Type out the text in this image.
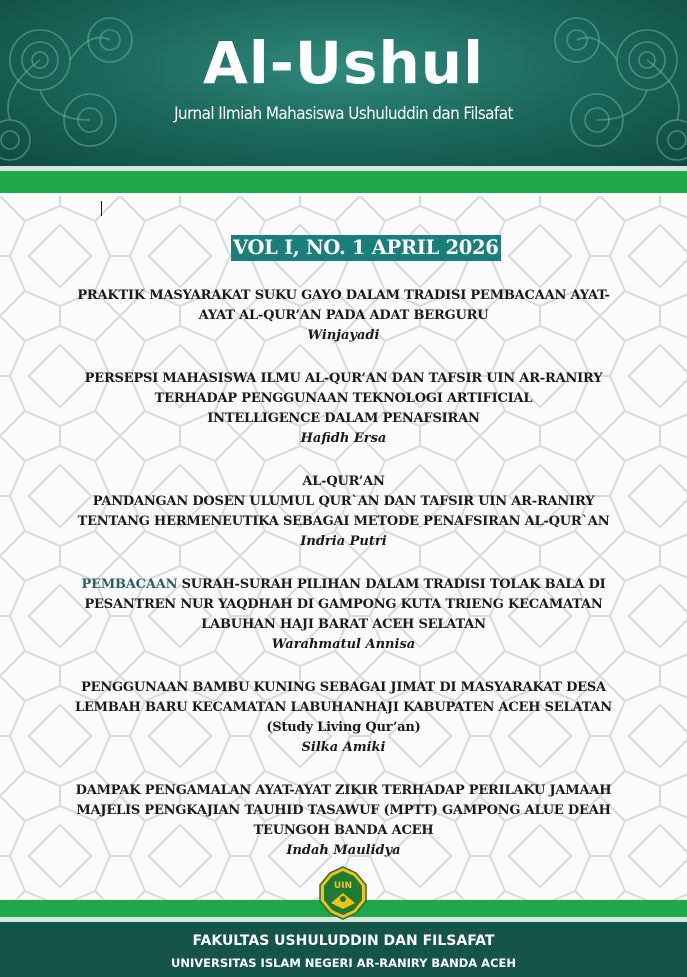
Al-Ushul
Jurnal Ilmiah Mahasiswa Ushuluddin dan Filsafat
VOL I, NO. 1 APRIL 2026
PRAKTIK MASYARAKAT SUKU GAYO DALAM TRADISI PEMBACAAN AYAT-
AYAT AL-QUR’AN PADA ADAT BERGURU
Winjayadi
PERSEPSI MAHASISWA ILMU AL-QUR’AN DAN TAFSIR UIN AR-RANIRY
TERHADAP PENGGUNAAN TEKNOLOGI ARTIFICIAL
INTELLIGENCE DALAM PENAFSIRAN
Hafidh Ersa
AL-QUR’AN
PANDANGAN DOSEN ULUMUL QUR`AN DAN TAFSIR UIN AR-RANIRY
TENTANG HERMENEUTIKA SEBAGAI METODE PENAFSIRAN AL-QUR`AN
Indria Putri
PEMBACAAN SURAH-SURAH PILIHAN DALAM TRADISI TOLAK BALA DI
PESANTREN NUR YAQDHAH DI GAMPONG KUTA TRIENG KECAMATAN
LABUHAN HAJI BARAT ACEH SELATAN
Warahmatul Annisa
PENGGUNAAN BAMBU KUNING SEBAGAI JIMAT DI MASYARAKAT DESA
LEMBAH BARU KECAMATAN LABUHANHAJI KABUPATEN ACEH SELATAN
(Study Living Qur’an)
Silka Amiki
DAMPAK PENGAMALAN AYAT-AYAT ZIKIR TERHADAP PERILAKU JAMAAH
MAJELIS PENGKAJIAN TAUHID TASAWUF (MPTT) GAMPONG ALUE DEAH
TEUNGOH BANDA ACEH
Indah Maulidya
UIN
FAKULTAS USHULUDDIN DAN FILSAFAT
UNIVERSITAS ISLAM NEGERI AR-RANIRY BANDA ACEH
